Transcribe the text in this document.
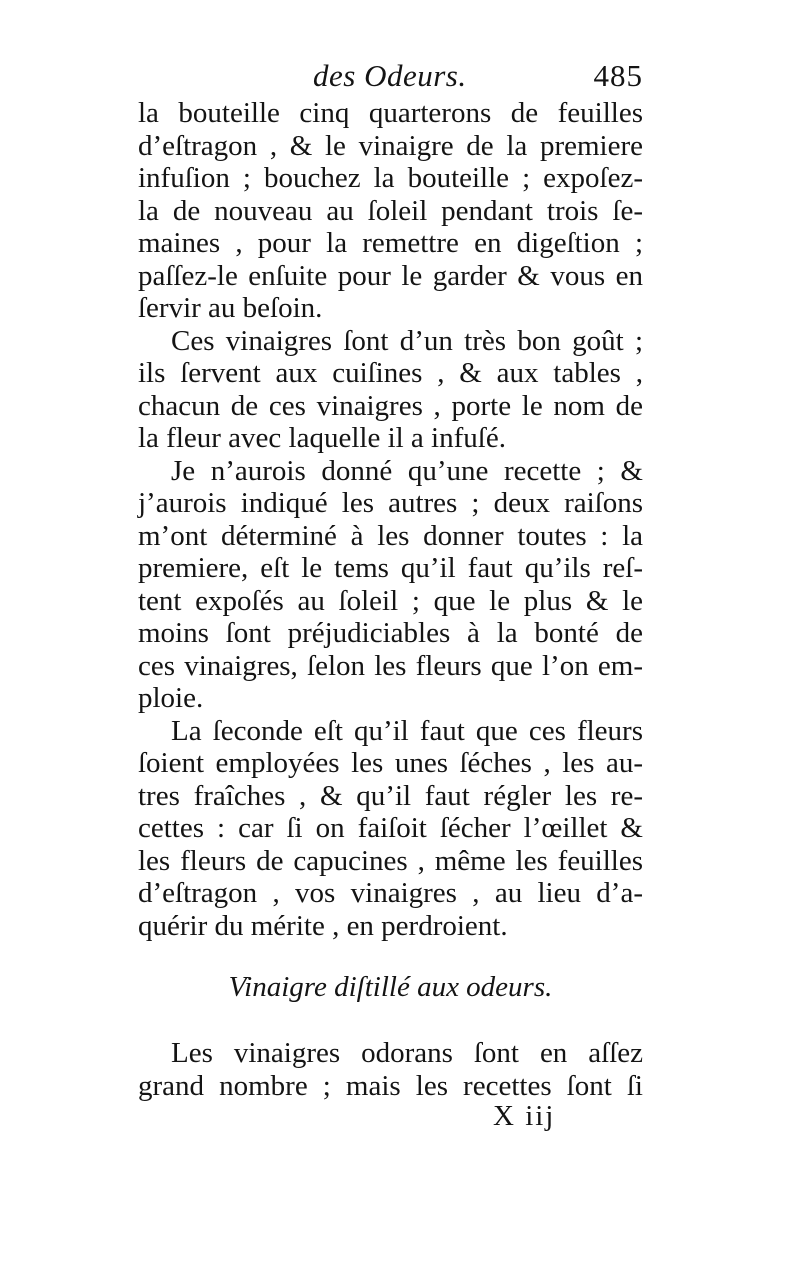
des Odeurs.	485
la bouteille cinq quarterons de feuilles
d’eſtragon , & le vinaigre de la premiere
infuſion ; bouchez la bouteille ; expoſez-
la de nouveau au ſoleil pendant trois ſe-
maines , pour la remettre en digeſtion ;
paſſez-le enſuite pour le garder & vous en
ſervir au beſoin.
Ces vinaigres ſont d’un très bon goût ;
ils ſervent aux cuiſines , & aux tables ,
chacun de ces vinaigres , porte le nom de
la fleur avec laquelle il a infuſé.
Je n’aurois donné qu’une recette ; &
j’aurois indiqué les autres ; deux raiſons
m’ont déterminé à les donner toutes : la
premiere, eſt le tems qu’il faut qu’ils reſ-
tent expoſés au ſoleil ; que le plus & le
moins ſont préjudiciables à la bonté de
ces vinaigres, ſelon les fleurs que l’on em-
ploie.
La ſeconde eſt qu’il faut que ces fleurs
ſoient employées les unes ſéches , les au-
tres fraîches , & qu’il faut régler les re-
cettes : car ſi on faiſoit ſécher l’œillet &
les fleurs de capucines , même les feuilles
d’eſtragon , vos vinaigres , au lieu d’a-
quérir du mérite , en perdroient.
Vinaigre diſtillé aux odeurs.
Les vinaigres odorans ſont en aſſez
grand nombre ; mais les recettes ſont ſi
X iij
